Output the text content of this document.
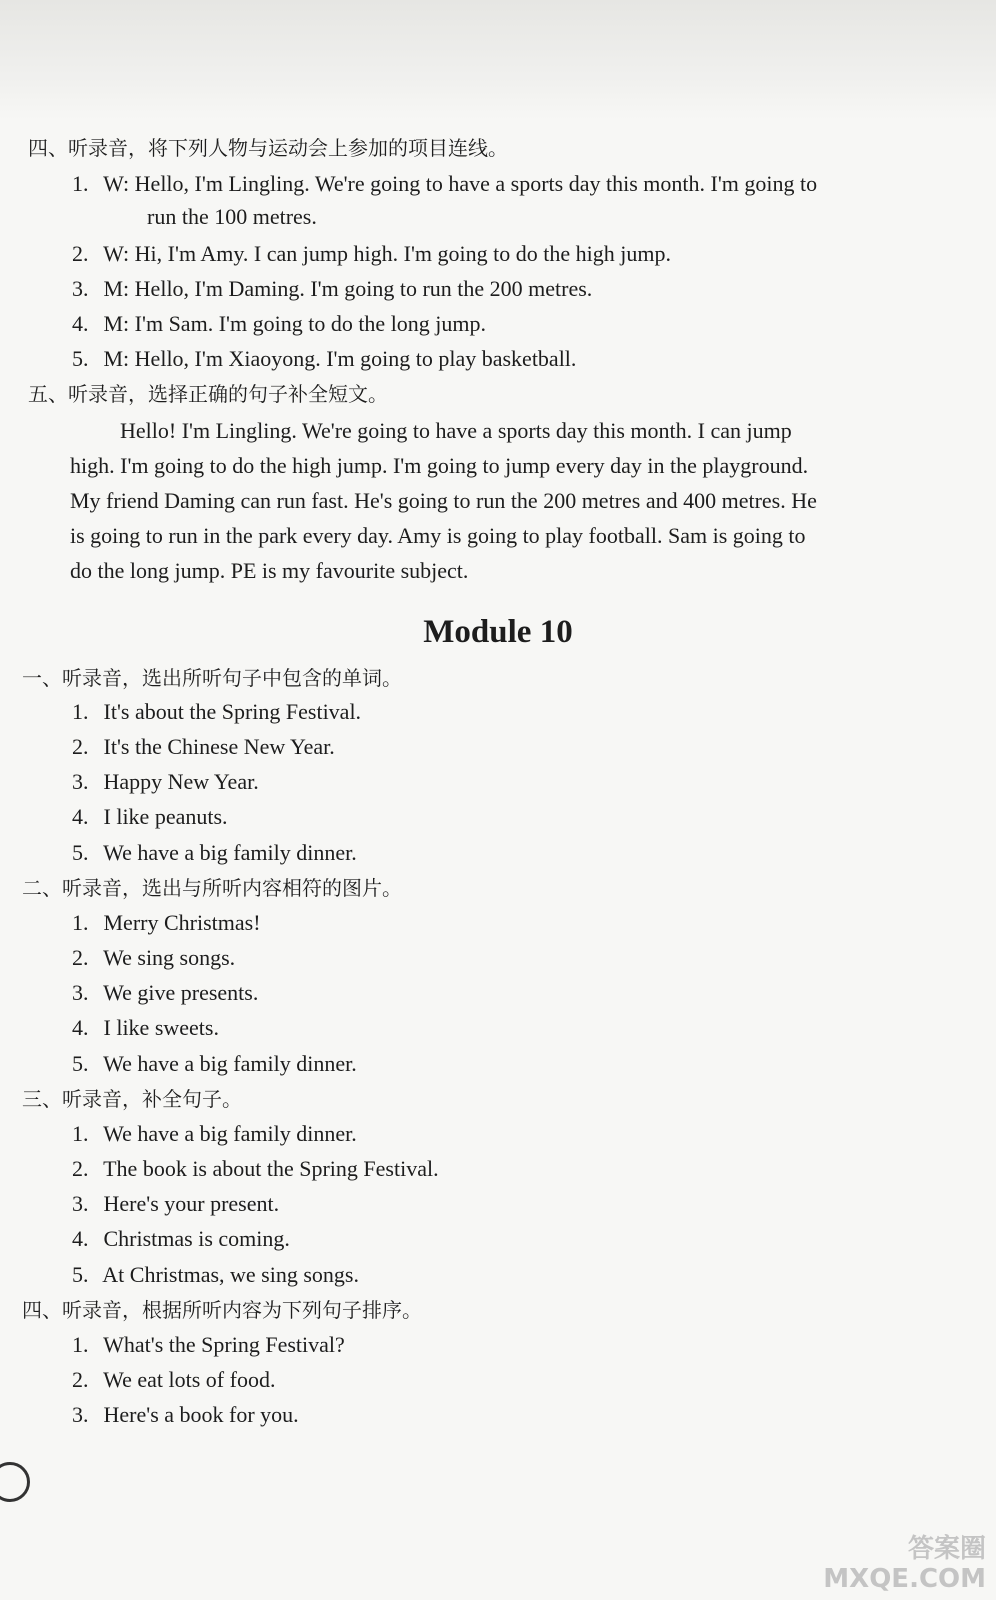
四、听录音，将下列人物与运动会上参加的项目连线。
1. W: Hello, I'm Lingling. We're going to have a sports day this month. I'm going to
run the 100 metres.
2. W: Hi, I'm Amy. I can jump high. I'm going to do the high jump.
3. M: Hello, I'm Daming. I'm going to run the 200 metres.
4. M: I'm Sam. I'm going to do the long jump.
5. M: Hello, I'm Xiaoyong. I'm going to play basketball.
五、听录音，选择正确的句子补全短文。
Hello! I'm Lingling. We're going to have a sports day this month. I can jump
high. I'm going to do the high jump. I'm going to jump every day in the playground.
My friend Daming can run fast. He's going to run the 200 metres and 400 metres. He
is going to run in the park every day. Amy is going to play football. Sam is going to
do the long jump. PE is my favourite subject.
Module 10
一、听录音，选出所听句子中包含的单词。
1. It's about the Spring Festival.
2. It's the Chinese New Year.
3. Happy New Year.
4. I like peanuts.
5. We have a big family dinner.
二、听录音，选出与所听内容相符的图片。
1. Merry Christmas!
2. We sing songs.
3. We give presents.
4. I like sweets.
5. We have a big family dinner.
三、听录音，补全句子。
1. We have a big family dinner.
2. The book is about the Spring Festival.
3. Here's your present.
4. Christmas is coming.
5. At Christmas, we sing songs.
四、听录音，根据所听内容为下列句子排序。
1. What's the Spring Festival?
2. We eat lots of food.
3. Here's a book for you.
答案圈
MXQE.COM
